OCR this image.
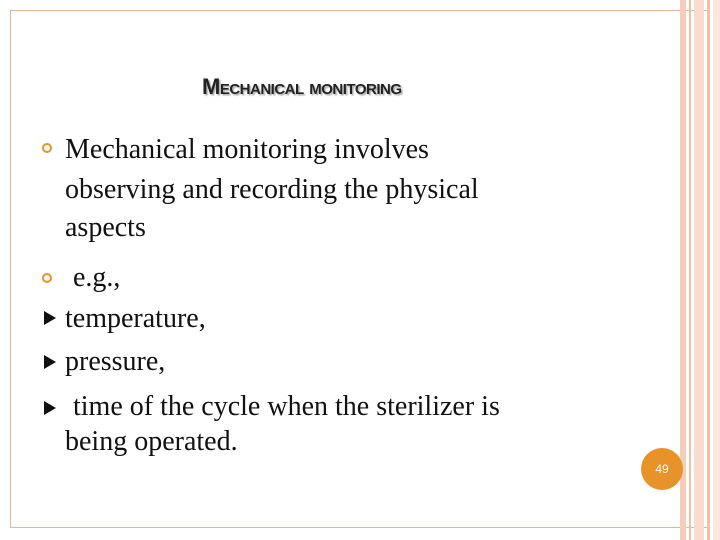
Mechanical monitoring

Mechanical monitoring involves

observing and recording the physical

aspects

e.g.,

temperature,

pressure,

time of the cycle when the sterilizer is

being operated.

49
